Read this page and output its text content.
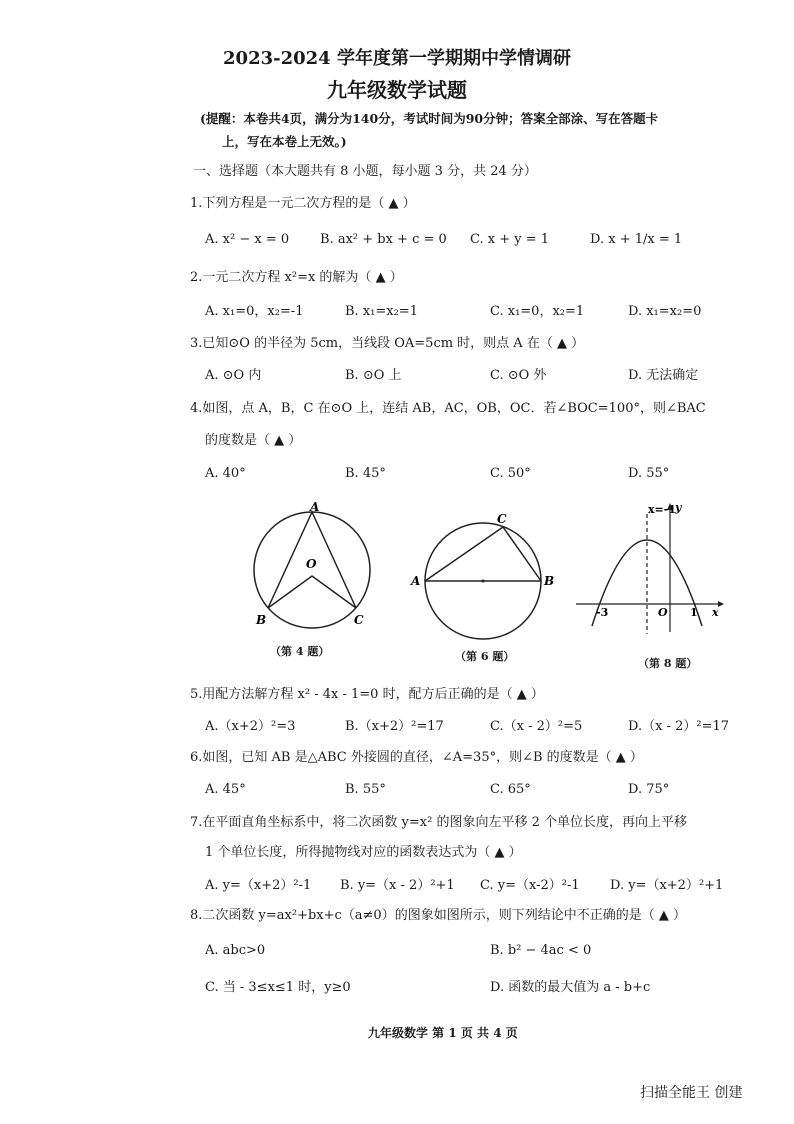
2023-2024 学年度第一学期期中学情调研
九年级数学试题
(提醒：本卷共4页，满分为140分，考试时间为90分钟；答案全部涂、写在答题卡
上，写在本卷上无效。)
一、选择题（本大题共有 8 小题，每小题 3 分，共 24 分）
1.下列方程是一元二次方程的是（ ▲ ）
A. x² − x = 0 B. ax² + bx + c = 0 C. x + y = 1	D. x + 1/x = 1
2.一元二次方程 x²=x 的解为（ ▲ ）
A. x₁=0，x₂=-1	B. x₁=x₂=1	C. x₁=0，x₂=1	D. x₁=x₂=0
3.已知⊙O 的半径为 5cm，当线段 OA=5cm 时，则点 A 在（ ▲ ）
A. ⊙O 内	B. ⊙O 上	C. ⊙O 外	D. 无法确定
4.如图，点 A，B，C 在⊙O 上，连结 AB，AC，OB，OC．若∠BOC=100°，则∠BAC
的度数是（ ▲ ）
A. 40°	B. 45°	C. 50°	D. 55°
A
O
B	C
（第 4 题）
A	B
C
（第 6 题）
x=-1 y
x
-3	O 1
（第 8 题）
5.用配方法解方程 x² - 4x - 1=0 时，配方后正确的是（ ▲ ）
A.（x+2）²=3	B.（x+2）²=17	C.（x - 2）²=5	D.（x - 2）²=17
6.如图，已知 AB 是△ABC 外接圆的直径，∠A=35°，则∠B 的度数是（ ▲ ）
A. 45°	B. 55°	C. 65°	D. 75°
7.在平面直角坐标系中，将二次函数 y=x² 的图象向左平移 2 个单位长度，再向上平移
1 个单位长度，所得抛物线对应的函数表达式为（ ▲ ）
A. y=（x+2）²-1 B. y=（x - 2）²+1 C. y=（x-2）²-1 D. y=（x+2）²+1
8.二次函数 y=ax²+bx+c（a≠0）的图象如图所示，则下列结论中不正确的是（ ▲ ）
A. abc>0	B. b² − 4ac < 0
C. 当 - 3≤x≤1 时，y≥0	D. 函数的最大值为 a - b+c
九年级数学 第 1 页 共 4 页
扫描全能王 创建
